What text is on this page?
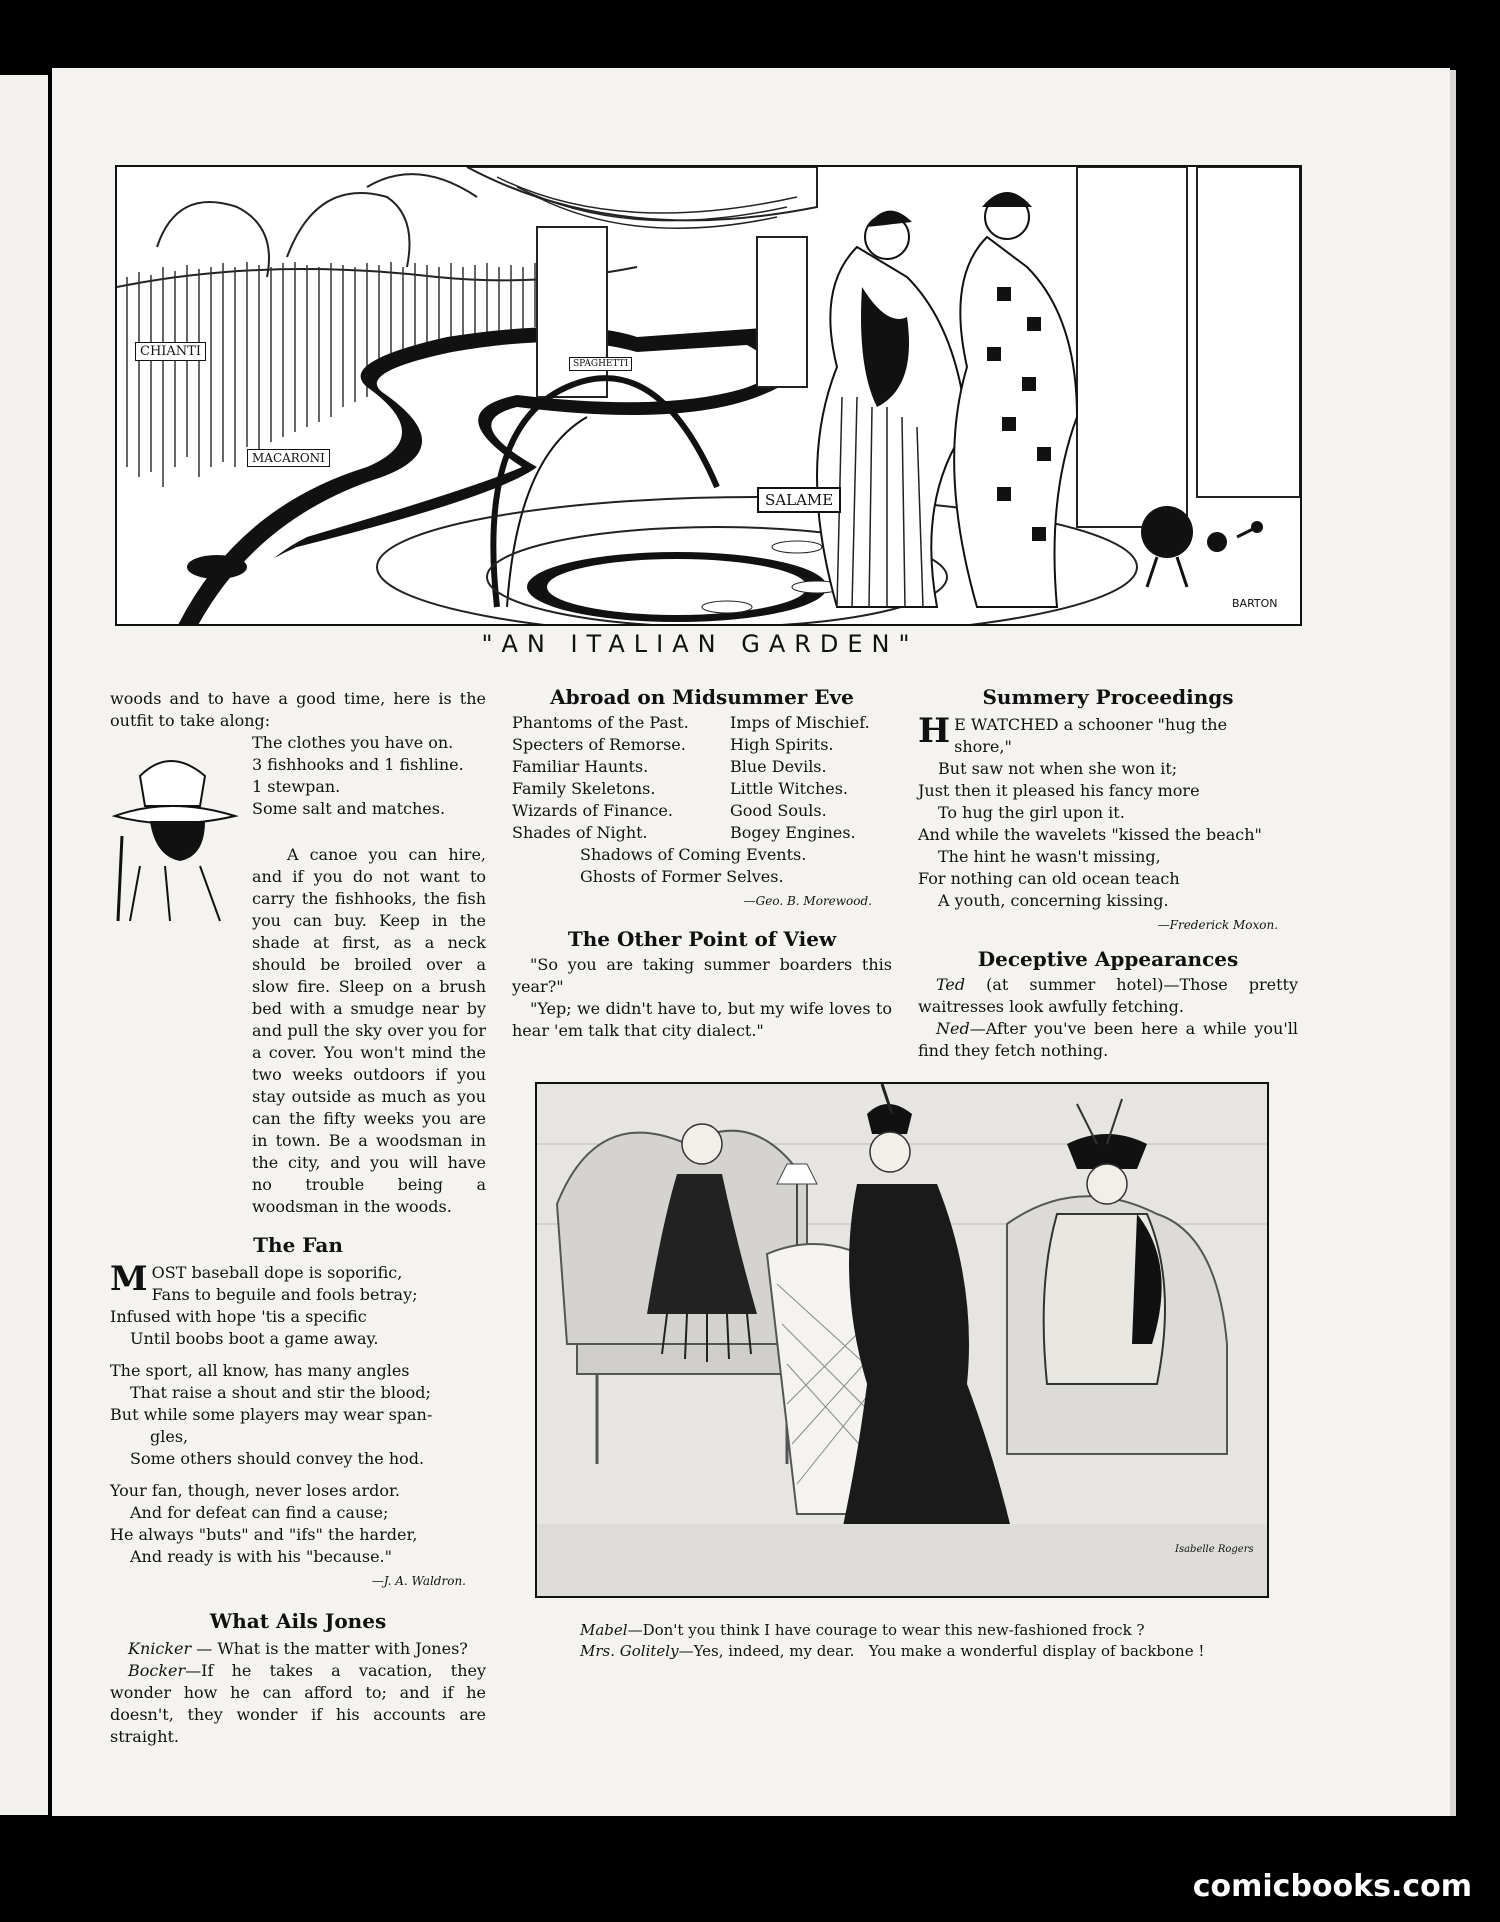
CHIANTI
SPAGHETTI
MACARONI
SALAME
BARTON
"AN ITALIAN GARDEN"

woods and to have a good time, here is the outfit to take along:

The clothes you have on.
3 fishhooks and 1 fishline.
1 stewpan.
Some salt and matches.

A canoe you can hire, and if you do not want to carry the fishhooks, the fish you can buy. Keep in the shade at first, as a neck should be broiled over a slow fire. Sleep on a brush bed with a smudge near by and pull the sky over you for a cover. You won't mind the two weeks outdoors if you stay outside as much as you can the fifty weeks you are in town. Be a woodsman in the city, and you will have no trouble being a woodsman in the woods.

The Fan
M OST baseball dope is soporific,
Fans to beguile and fools betray;
Infused with hope 'tis a specific
Until boobs boot a game away.
The sport, all know, has many angles
That raise a shout and stir the blood;
But while some players may wear span-
gles,
Some others should convey the hod.
Your fan, though, never loses ardor.
And for defeat can find a cause;
He always "buts" and "ifs" the harder,
And ready is with his "because."
—J. A. Waldron.
What Ails Jones

Knicker — What is the matter with Jones?

Bocker—If he takes a vacation, they wonder how he can afford to; and if he doesn't, they wonder if his accounts are straight.

Abroad on Midsummer Eve
Phantoms of the Past.	Imps of Mischief.
Specters of Remorse.	High Spirits.
Familiar Haunts.	Blue Devils.
Family Skeletons.	Little Witches.
Wizards of Finance.	Good Souls.
Shades of Night.	Bogey Engines.
Shadows of Coming Events.
Ghosts of Former Selves.
—Geo. B. Morewood.
The Other Point of View

"So you are taking summer boarders this year?"

"Yep; we didn't have to, but my wife loves to hear 'em talk that city dialect."

Summery Proceedings
H E WATCHED a schooner "hug the
shore,"
But saw not when she won it;
Just then it pleased his fancy more
To hug the girl upon it.
And while the wavelets "kissed the beach"
The hint he wasn't missing,
For nothing can old ocean teach
A youth, concerning kissing.
—Frederick Moxon.
Deceptive Appearances

Ted (at summer hotel)—Those pretty waitresses look awfully fetching.

Ned—After you've been here a while you'll find they fetch nothing.

Isabelle Rogers
Mabel—Don't you think I have courage to wear this new-fashioned frock ?
Mrs. Golitely—Yes, indeed, my dear.   You make a wonderful display of backbone !
comicbooks.com
